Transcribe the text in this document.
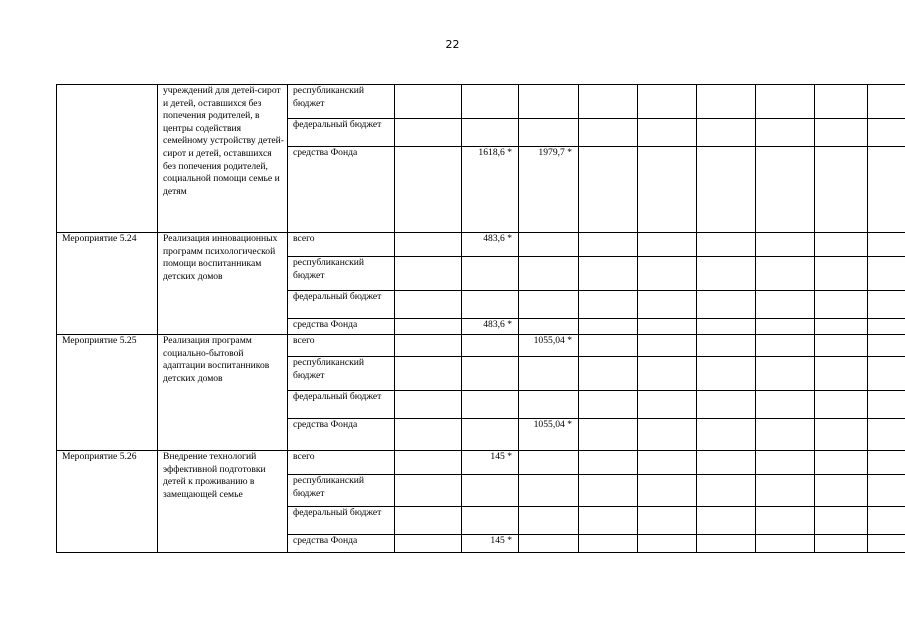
22
	учреждений для детей-сирот и детей, оставшихся без попечения родителей, в центры содействия семейному устройству детей-сирот и детей, оставшихся без попечения родителей, социальной помощи семье и детям	республиканский бюджет									
		федеральный бюджет									
		средства Фонда		1618,6 *	1979,7 *						
Мероприятие 5.24	Реализация инновационных программ психологической помощи воспитанникам детских домов	всего		483,6 *							
		республиканский бюджет									
		федеральный бюджет									
		средства Фонда		483,6 *							
Мероприятие 5.25	Реализация программ социально-бытовой адаптации воспитанников детских домов	всего			1055,04 *						
		республиканский бюджет									
		федеральный бюджет									
		средства Фонда			1055,04 *						
Мероприятие 5.26	Внедрение технологий эффективной подготовки детей к проживанию в замещающей семье	всего		145 *							
		республиканский бюджет									
		федеральный бюджет									
		средства Фонда		145 *							
